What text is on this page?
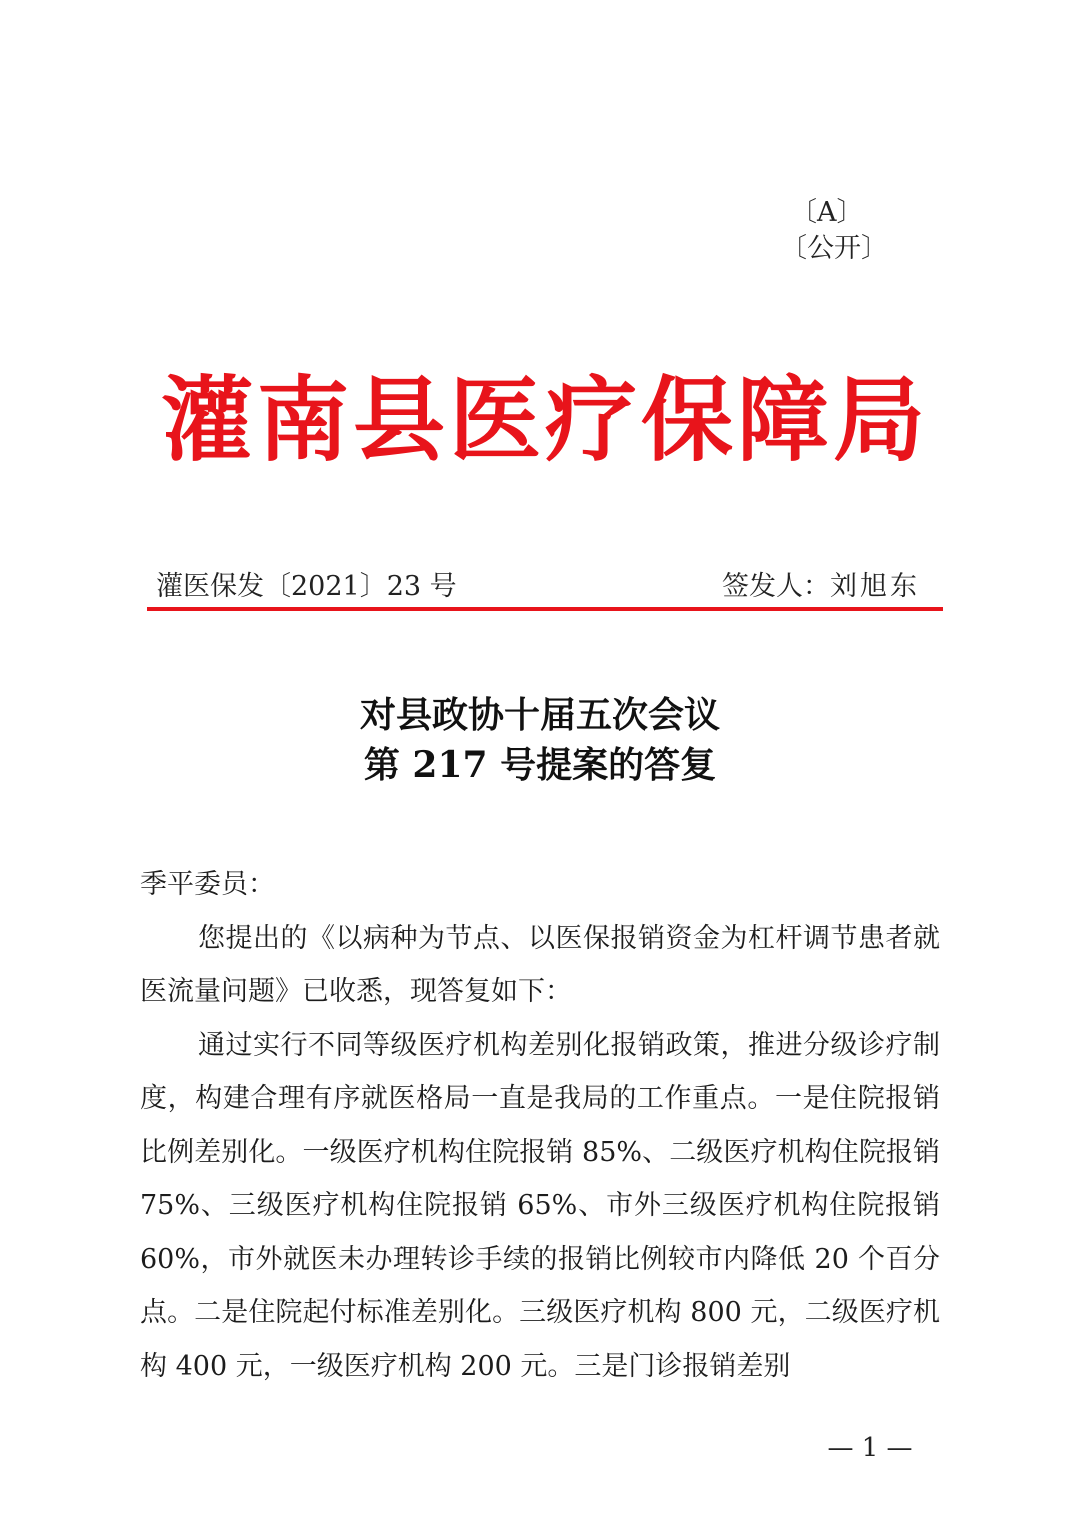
〔A〕
〔公开〕
灌南县医疗保障局
灌医保发〔2021〕23 号	签发人：刘旭东
对县政协十届五次会议
第 217 号提案的答复

季平委员：

您提出的《以病种为节点、以医保报销资金为杠杆调节患者就医流量问题》已收悉，现答复如下：

通过实行不同等级医疗机构差别化报销政策，推进分级诊疗制度，构建合理有序就医格局一直是我局的工作重点。一是住院报销比例差别化。一级医疗机构住院报销 85%、二级医疗机构住院报销 75%、三级医疗机构住院报销 65%、市外三级医疗机构住院报销 60%，市外就医未办理转诊手续的报销比例较市内降低 20 个百分点。二是住院起付标准差别化。三级医疗机构 800 元，二级医疗机构 400 元，一级医疗机构 200 元。三是门诊报销差别

— 1 —
